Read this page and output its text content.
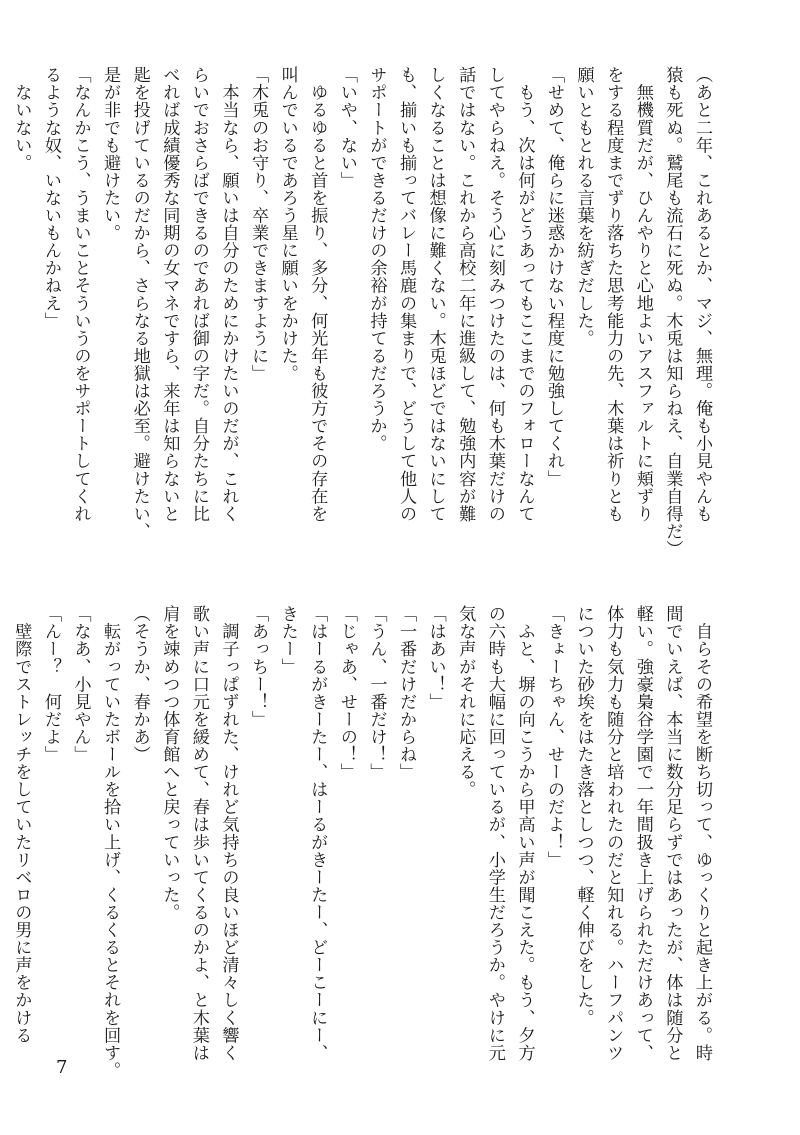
（あと二年、これあるとか、マジ、無理。俺も小見やんも

猿も死ぬ。鷲尾も流石に死ぬ。木兎は知らねえ、自業自得だ）

　無機質だが、ひんやりと心地よいアスファルトに頬ずり

をする程度までずり落ちた思考能力の先、木葉は祈りとも

願いともとれる言葉を紡ぎだした。

「せめて、俺らに迷惑かけない程度に勉強してくれ」

　もう、次は何がどうあってもここまでのフォローなんて

してやらねえ。そう心に刻みつけたのは、何も木葉だけの

話ではない。これから高校二年に進級して、勉強内容が難

しくなることは想像に難くない。木兎ほどではないにして

も、揃いも揃ってバレー馬鹿の集まりで、どうして他人の

サポートができるだけの余裕が持てるだろうか。

「いや、ない」

　ゆるゆると首を振り、多分、何光年も彼方でその存在を

叫んでいるであろう星に願いをかけた。

「木兎のお守り、卒業できますように」

　本当なら、願いは自分のためにかけたいのだが、これく

らいでおさらばできるのであれば御の字だ。自分たちに比

べれば成績優秀な同期の女マネですら、来年は知らないと

匙を投げているのだから、さらなる地獄は必至。避けたい、

是が非でも避けたい。

「なんかこう、うまいことそういうのをサポートしてくれ

るような奴、いないもんかねえ」

　ないない。

　自らその希望を断ち切って、ゆっくりと起き上がる。時

間でいえば、本当に数分足らずではあったが、体は随分と

軽い。強豪梟谷学園で一年間扱き上げられただけあって、

体力も気力も随分と培われたのだと知れる。ハーフパンツ

についた砂埃をはたき落としつつ、軽く伸びをした。

「きょーちゃん、せーのだよ！」

　ふと、塀の向こうから甲高い声が聞こえた。もう、夕方

の六時も大幅に回っているが、小学生だろうか。やけに元

気な声がそれに応える。

「はあい！」

「一番だけだからね」

「うん、一番だけ！」

「じゃあ、せーの！」

「はーるがきーたー、はーるがきーたー、どーこーにー、

きたー」

「あっちー！」

　調子っぱずれた、けれど気持ちの良いほど清々しく響く

歌い声に口元を緩めて、春は歩いてくるのかよ、と木葉は

肩を竦めつつ体育館へと戻っていった。

（そうか、春かあ）

　転がっていたボールを拾い上げ、くるくるとそれを回す。

「なあ、小見やん」

「んー？　何だよ」

　壁際でストレッチをしていたリベロの男に声をかける

7
